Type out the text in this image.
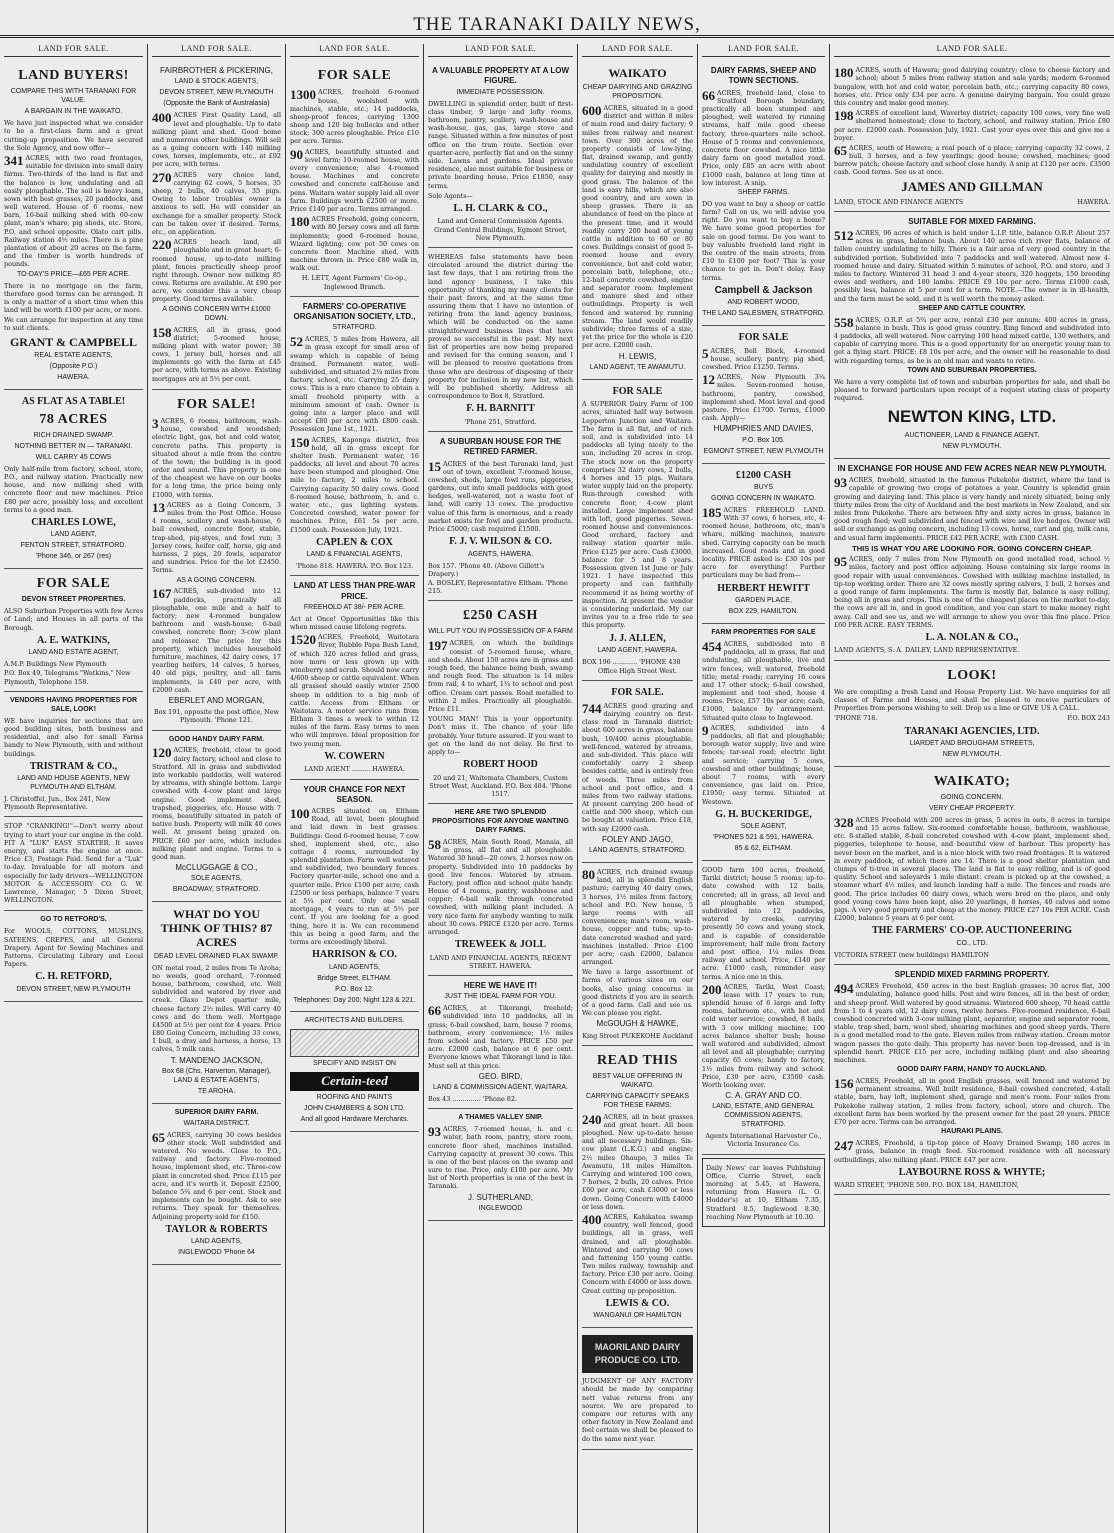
THE TARANAKI DAILY NEWS,
LAND FOR SALE.
LAND BUYERS!
COMPARE THIS WITH TARANAKI FOR VALUE.
A BARGAIN IN THE WAIKATO.
We have just inspected what we consider to be a first-class farm and a great cutting-up proposition. We have secured the Sole Agency, and now offer—
341 ACRES, with two road frontages, suitable for division into small dairy farms. Two-thirds of the land is flat and the balance is low, undulating and all easily ploughable. The soil is heavy loam, sown with best grasses, 20 paddocks, and well watered. House of 6 rooms, new barn, 16-bail milking shed with 60-cow plant, man's whare, pig sheds, etc. Store, P.O. and school opposite. Olato cart pills. Railway station 4½ miles. There is a pine plantation of about 20 acres on the farm, and the timber is worth hundreds of pounds.
TO-DAY'S PRICE—£65 PER ACRE.
There is no mortgage on the farm, therefore good terms can be arranged. It is only a matter of a short time when this land will be worth £100 per acre, or more.
We can arrange for inspection at any time to suit clients.
GRANT & CAMPBELL
REAL ESTATE AGENTS,
(Opposite P.O.)
HAWERA.
AS FLAT AS A TABLE!
78 ACRES
RICH DRAINED SWAMP.
NOTHING BETTER IN — TARANAKI.
WILL CARRY 45 COWS
Only half-mile from factory, school, store, P.O., and railway station. Practically new house, and new milking shed with concrete floor and new machines. Price £80 per acre, possibly less, and excellent terms to a good man.
CHARLES LOWE,
LAND AGENT,
FENTON STREET, STRATFORD.
'Phone 346, or 267 (res)
FOR SALE
DEVON STREET PROPERTIES.
ALSO Suburban Properties with few Acres of Land; and Houses in all parts of the Borough.
A. E. WATKINS,
LAND AND ESTATE AGENT,
A.M.P. Buildings New Plymouth
P.O. Box 49, Telegrams "Watkins," New Plymouth, Telephone 158.
VENDORS HAVING PROPERTIES FOR SALE, LOOK!
WE have inquiries for sections that are good building sites, both business and residential, and also for small Farms handy to New Plymouth, with and without buildings.
TRISTRAM & CO.,
LAND AND HOUSE AGENTS, NEW PLYMOUTH AND ELTHAM.
J. Christoffel, Jun., Box 241, New Plymouth Representative.
STOP "CRANKING!"—Don't worry about trying to start your car engine in the cold. FIT A "LUK" EASY STARTER. It saves energy, and starts the engine at once. Price £3, Postage Paid. Send for a "Luk" to-day. Invaluable for all motors and especially for lady drivers—WELLINGTON MOTOR & ACCESSORY CO. G. W. Lawrence, Manager, 5 Dixon Street, WELLINGTON.
GO TO RETFORD'S.
For WOOLS, COTTONS, MUSLINS, SATEENS, CREPES, and all General Drapery. Agent for Sewing Machines and Patterns. Circulating Library and Local Papers.
C. H. RETFORD,
DEVON STREET, NEW PLYMOUTH
LAND FOR SALE.
FAIRBROTHER & PICKERING,
LAND & STOCK AGENTS,
DEVON STREET, NEW PLYMOUTH
(Opposite the Bank of Australasia)
400 ACRES First Quality Land, all level and ploughable. Up to date milking plant and shed. Good home and numerous other buildings. Will sell as a going concern with 140 milking cows, horses, implements, etc., at £92 per acre, with terms.
270 ACRES very choice land, carrying 62 cows, 5 horses, 35 sheep, 2 bulls, 40 calves, 35 pigs. Owing to labor troubles owner is anxious to sell. He will consider an exchange for a smaller property. Stock can be taken over if desired. Terms, etc., on application.
220 ACRES beach land, all ploughable and in great heart; 6-roomed house, up-to-date milking plant, fences practically sheep proof right through. Owner now milking 85 cows. Returns are available. At £90 per acre, we consider this a very cheap property. Good terms available.
A GOING CONCERN WITH £1000 DOWN.
158 ACRES, all in grass, good district; 5-roomed house, milking plant with water power; 38 cows, 1 jersey bull, horses and all implements go with the farm at £45 per acre, with terms as above. Existing mortgages are at 5½ per cent.
FOR SALE!
3 ACRES, 6 rooms, bathroom, wash-house, cowshed and woodshed; electric light, gas, hot and cold water, concrete paths. This property is situated about a mile from the centre of the town; the building is in good order and sound. This property is one of the cheapest we have on our books for a long time, the price being only £1000, with terms.
13 ACRES as a Going Concern, 3 miles from the Post Office. House 4 rooms, scullery and wash-house, 6 bail cowshed, concrete floor, stable, trap-shed, pig-styes, and fowl run; 3 Jersey cows, heifer calf, horse, gig and harness, 2 pigs, 20 fowls, separator and sundries. Price for the lot £2450. Terms.
AS A GOING CONCERN.
167 ACRES, sub-divided into 12 paddocks, practically all ploughable, one mile and a half to factory; new 4-roomed bungalow bathroom and wash-house; 6-bail cowshed, concrete floor; 3-cow plant and releaser. The price for this property, which includes household furniture, machines, 42 dairy cows, 17 yearling heifers, 14 calves, 5 horses, 40 old pigs, poultry, and all farm implements, is £40 per acre, with £2000 cash.
EBERLET AND MORGAN,
Box 191, opposite the post office, New Plymouth. 'Phone 121.
GOOD HANDY DAIRY FARM.
120 ACRES, freehold, close to good dairy factory, school and close to Stratford. All in grass and subdivided into workable paddocks, well watered by streams, with shingle bottom. Large cowshed with 4-cow plant and large engine. Good implement shed, trapshed, piggeries, etc. House with 7 rooms, beautifully situated in patch of native bush. Property will milk 40 cows well. At present being grazed on. PRICE £60 per acre, which includes milking plant and engine. Terms to a good man.
McCLUGGAGE & CO.,
SOLE AGENTS,
BROADWAY, STRATFORD.
WHAT DO YOU THINK OF THIS? 87 ACRES
DEAD LEVEL DRAINED FLAX SWAMP.
ON metal road, 2 miles from Te Aroha; no weeds, good orchard, 7-roomed house, bathroom, cowshed, etc. Well subdivided and watered by river and creek. Glaxo Depot quarter mile, cheese factory 2½ miles. Will carry 40 cows and do them well. Mortgage £4500 at 5½ per cent for 4 years. Price £80 Going Concern, including 33 cows, 1 bull, a dray and harness, a horse, 13 calves, 5 milk cans.
T. MANDENO JACKSON,
Box 68 (Chs. Harverton, Manager), LAND & ESTATE AGENTS,
TE AROHA.
SUPERIOR DAIRY FARM.
WAITARA DISTRICT.
65 ACRES, carrying 30 cows besides other stock. Well subdivided and watered. No weeds. Close to P.O., railway and factory. Five-roomed house, implement shed, etc. Three-cow plant in concreted shed. Price £115 per acre, and it's worth it. Deposit £2500, balance 5¾ and 6 per cent. Stock and implements can be bought. Ask to see returns. They speak for themselves. Adjoining property sold for £150.
TAYLOR & ROBERTS
LAND AGENTS,
INGLEWOOD 'Phone 64
LAND FOR SALE.
FOR SALE
1300 ACRES, freehold 6-roomed house, woolshed with machines, stable, etc.; 14 paddocks, sheep-proof fences, carrying 1300 sheep and 120 big bullocks and other stock; 300 acres ploughable. Price £10 per acre. Terms.
90 ACRES, beautifully situated and level farm; 10-roomed house, with every convenience; also 4-roomed house. Machines and concrete cowshed and concrete calf-house and pens. Waitara water supply laid all over farm. Buildings worth £2500 or more. Price £140 per acre. Terms arranged.
180 ACRES Freehold, going concern, with 80 Jersey cows and all farm implements; good 6-roomed house, Wizard lighting; cow pot 50 cows on concrete floor. Machine shed, with machine thrown in. Price £80 walk in, walk out.
H. LETT, Agent Farmers' Co-op., Inglewood Branch.
FARMERS' CO-OPERATIVE ORGANISATION SOCIETY, LTD.,
STRATFORD.
52 ACRES, 5 miles from Hawera, all in grass except for small area of swamp which is capable of being drained. Permanent water, well-subdivided, and situated 2¼ miles from factory, school, etc. Carrying 25 dairy cows. This is a rare chance to obtain a small freehold property with a minimum amount of cash. Owner is going into a larger place and will accept £80 per acre with £800 cash. Possession June 1st., 1921.
150 ACRES, Kaponga district, free hold, all in grass except for shelter bush. Permanent water, 16 paddocks, all level and about 70 acres have been stumped and ploughed. One mile to factory, 2 miles to school. Carrying capacity 50 dairy cows. Good 8-roomed house, bathroom, h. and c. water, etc., gas lighting system. Concreted cowshed, water power for machines. Price, £61 5s per acre. £1500 cash. Possession July, 1921.
CAPLEN & COX
LAND & FINANCIAL AGENTS,
'Phone 818. HAWERA. P.O. Box 123.
LAND AT LESS THAN PRE-WAR PRICE.
FREEHOLD AT 38/- PER ACRE.
Act at Once! Opportunities like this when missed cause lifelong regrets.
1520 ACRES, Freehold, Waitotara River, Rubble Papa Bush Land, of which 320 acres felled and grass, now more or less grown up with wineberry and scrub. Should now carry 4/600 sheep or cattle equivalent. When all grassed should easily winter 2500 sheep in addition to a big mob of cattle. Access from Eltham or Waitotara. A motor service runs from Eltham 3 times a week to within 12 miles of the farm. Easy terms to men who will improve. Ideal proposition for two young men.
W. COWERN
LAND AGENT ......... HAWERA.
YOUR CHANCE FOR NEXT SEASON.
100 ACRES situated on Eltham Road, all level, been ploughed and laid down in best grasses. Buildings: Good 6-roomed house, 7 cow shed, implement shed, etc., also cottage 4 rooms, surrounded by splendid plantation. Farm well watered and subdivided, two boundary fences. Factory quarter-mile, school one and a quarter mile. Price £100 per acre, cash £2500 or less perhaps, balance 7 years at 5¼ per cent. Only one small mortgage, 4 years to run at 5½ per cent. If you are looking for a good thing, here it is. We can recommend this as being a good farm, and the terms are exceedingly liberal.
HARRISON & CO.
LAND AGENTS,
Bridge Street, ELTHAM.
P.O. Box 12.
Telephones: Day 200; Night 123 & 221.
ARCHITECTS AND BUILDERS.
SPECIFY AND INSIST ON
Certain-teed
ROOFING AND PAINTS
JOHN CHAMBERS & SON LTD.
And all good Hardware Merchants.
LAND FOR SALE.
A VALUABLE PROPERTY AT A LOW FIGURE.
IMMEDIATE POSSESSION.
DWELLING in splendid order, built of first-class timber, 9 large and lofty rooms, bathroom, pantry, scullery, wash-house and wash-house, gas, gas, large stove and range. Situated within a few minutes of post office on the tram route. Section over quarter-acre, perfectly flat and on the sunny side. Lawns and gardens. Ideal private residence, also most suitable for business or private boarding house. Price £1850, easy terms.
Sole Agents—
L. H. CLARK & CO.,
Land and General Commission Agents. Grand Central Buildings, Egmont Street, New Plymouth.
WHEREAS false statements have been circulated around the district during the last few days, that I am retiring from the land agency business, I take this opportunity of thanking my many clients for their past favors, and at the same time assuring them that I have no intention of retiring from the land agency business, which will be conducted on the same straightforward business lines that have proved so successful in the past. My next list of properties are now being prepared and revised for the coming season, and I will be pleased to receive quotations from those who are desirous of disposing of their property for inclusion in my new list, which will be published shortly. Address all correspondence to Box 8, Stratford.
F. H. BARNITT
'Phone 251, Stratford.
A SUBURBAN HOUSE FOR THE RETIRED FARMER.
15 ACRES of the best Taranaki land, just out of town, excellent 7-roomed house, cowshed, sheds, large fowl runs, piggeries, gardens, out into small paddocks with good hedges, well-watered, not a waste foot of land, will carry 13 cows. The productive value of this farm is enormous, and a ready market exists for fowl and garden products. Price £5000; cash required £1500.
F. J. V. WILSON & CO.
AGENTS, HAWERA.
Box 157. 'Phone 40. (Above Gillett's Drapery.)
A. BOSLEY, Representative Eltham. 'Phone 215.
£250 CASH
WILL PUT YOU IN POSSESSION OF A FARM
197 ACRES, on which the buildings consist of 5-roomed house, whare, and sheds. About 150 acres are in grass and rough feed, the balance being bush, swamp and rough feed. The situation is 14 miles from rail, 4 to wharf, 1¼ to school and post office. Cream cart passes. Road metalled to within 2 miles. Practically all ploughable. Price £11.
YOUNG MAN! This is your opportunity. Don't miss it. The chance of your life probably. Your future assured. If you want to get on the land do not delay. Be first to apply to—
ROBERT HOOD
20 and 21, Waitemata Chambers, Custom Street West, Auckland. P.O. Box 484. 'Phone 1517.
HERE ARE TWO SPLENDID PROPOSITIONS FOR ANYONE WANTING DAIRY FARMS.
58 ACRES, Main South Road, Manaia, all in grass, all flat and all ploughable. Watered 30 head—20 cows, 2 horses now on property. Subdivided into 10 paddocks by good live fences. Watered by stream. Factory, post office and school quite handy. House of 4 rooms, pantry, washhouse and copper; 6-bail walk through concreted cowshed, with milking plant included. A very nice farm for anybody wanting to milk about 30 cows. PRICE £120 per acre. Terms arranged.
TREWEEK & JOLL
LAND AND FINANCIAL AGENTS, REGENT STREET. HAWERA.
HERE WE HAVE IT!
JUST THE IDEAL FARM FOR YOU.
66 ACRES, at Tikorangi, freehold; subdivided into 10 paddocks, all in grass; 6-bail cowshed, barn, house 7 rooms, bathroom, every convenience; 1½ miles from school and factory. PRICE £50 per acre. £2000 cash, balance at 6 per cent. Everyone knows what Tikorangi land is like. Must sell at this price.
GEO. BIRD,
LAND & COMMISSION AGENT, WAITARA.
Box 43 .............. 'Phone 82.
A THAMES VALLEY SNIP.
93 ACRES, 7-roomed house, h. and c. water, bath room, pantry, store room, concrete floor shed, machines installed. Carrying capacity at present 30 cows. This is one of the best places on the swamp and sure to rise. Price, only £100 per acre. My list of North properties is one of the best in Taranaki.
J. SUTHERLAND,
INGLEWOOD
LAND FOR SALE.
WAIKATO
CHEAP DAIRYING AND GRAZING PROPOSITION.
600 ACRES, situated in a good district and within 8 miles of main road and dairy factory; 9 miles from railway and nearest town. Over 300 acres of the property consists of low-lying, flat, drained swamp, and gently undulating country of excellent quality for dairying and mostly in good grass. The balance of the land is easy hills, which are also good country, and are sown in sheep grasses. There is an abundance of feed on the place at the present time, and it would readily carry 200 head of young cattle in addition to 60 or 80 cows. Buildings consist of good 5-roomed house and every convenience, hot and cold water, porcelain bath, telephone, etc.; 12-bail concrete cowshed, engine and separator room. Implement and manure shed and other outbuildings. Property is well fenced and watered by running stream. The land would readily subdivide; three farms of a size, yet the price for the whole is £20 per acre. £2000 cash.
H. LEWIS,
LAND AGENT, TE AWAMUTU.
FOR SALE
A SUPERIOR Dairy Farm of 100 acres, situated half way between Lepperton Junction and Waitara. The farm is all flat, and of rich soil, and is subdivided into 14 paddocks all lying nicely to the sun, including 20 acres in crop. The stock now on the property comprises 32 dairy cows, 2 bulls, 4 horses and 15 pigs. Waitara water supply laid on the property. Run-through cowshed with concrete floor, 4-cow plant installed. Large implement shed with loft, good piggeries. Seven-roomed house and conveniences. Good orchard, factory and railway station quarter mile. Price £125 per acre. Cash £3000, balance for 5 and 8 years. Possession given 1st June or July 1921. I have inspected this property and can faithfully recommend it as being worthy of inspection. At present the vendor is considering underlaid. My car invites you to a free ride to see this property.
J. J. ALLEN,
LAND AGENT, HAWERA.
BOX 196 ............ 'PHONE 438
Office High Street West.
FOR SALE.
744 ACRES good grazing and dairying country on first-class road in Taranaki district; about 600 acres in grass, balance bush, 10/400 acres ploughable, well-fenced, watered by streams, and sub-divided. This place will comfortably carry 2 sheep besides cattle, and is entirely free of weeds. Three miles from school and post office, and 4 miles from two railway stations. At present carrying 200 head of cattle and 500 sheep, which can be bought at valuation. Price £18, with say £2000 cash.
FOLEY AND JAGO,
LAND AGENTS, STRATFORD.
80 ACRES, rich drained swamp land, all in splendid English pasture; carrying 40 dairy cows, 3 horses, 1½ miles from factory, school and P.O. New house, 5 large rooms with all conveniences; man's room, wash-house, copper and tubs; up-to-date concreted washed and yard; machines installed. Price £100 per acre; cash £2000, balance arranged.
We have a large assortment of farms of various sizes on our books, also going concerns in good districts if you are in search of a good farm. Call and see us. We can please you right.
McGOUGH & HAWKE,
King Street PUKEKOHE Auckland
READ THIS
BEST VALUE OFFERING IN WAIKATO.
CARRYING CAPACITY SPEAKS FOR THESE FARMS:
240 ACRES, all in best grasses and great heart. All been ploughed. New up-to-date house and all necessary buildings. Six-cow plant (L.K.G.) and engine; 2½ miles Ohaupo, 3 miles Te Awamutu, 18 miles Hamilton. Carrying and wintered 100 cows, 7 horses, 2 bulls, 20 calves. Price £60 per acre, cash £3000 or less down. Going Concern with £4000 or less down.
400 ACRES, Kahikatea swamp country, well fenced, good buildings, all in grass, well drained, and all ploughable. Wintered and carrying 90 cows and fattening 150 young cattle. Two miles railway, township and factory. Price £30 per acre. Going Concern with £4000 or less down. Great cutting up proposition.
LEWIS & CO.
WANGANUI OR HAMILTON
MAORILAND DAIRY PRODUCE CO. LTD.
JUDGMENT OF ANY FACTORY should be made by comparing nett value returns from any source. We are prepared to compare our returns with any other factory in New Zealand and feel certain we shall be pleased to do the same next year.
LAND FOR SALE.
DAIRY FARMS, SHEEP AND TOWN SECTIONS.
66 ACRES, freehold land, close to Stratford Borough boundary, practically all been stumped and ploughed, well watered by running streams, half mile good cheese factory, three-quarters mile school. House of 5 rooms and conveniences, concrete floor cowshed. A nice little dairy farm on good metalled road. Price, only £85 an acre with about £1000 cash, balance at long time at low interest. A snip.
SHEEP FARMS.
DO you want to buy a sheep or cattle farm? Call on us, we will advise you right. Do you want to buy a home? We have some good properties for sale on good terms. Do you want to buy valuable freehold land right in the centre of the main streets, from £10 to £100 per foot? This is your chance to get in. Don't delay. Easy terms.
Campbell & Jackson
AND ROBERT WOOD,
THE LAND SALESMEN, STRATFORD.
FOR SALE
5 ACRES, Bell Block, 4-roomed house, scullery, pantry, pig shed, cowshed. Price £1250. Terms.
12 ACRES, New Plymouth 3¼ miles. Seven-roomed house, bathroom, pantry, cowshed, implement shed. Most level and good pasture. Price £1700. Terms, £1000 cash. Apply—
HUMPHRIES AND DAVIES,
P.O. Box 105.
EGMONT STREET, NEW PLYMOUTH
£1200 CASH
BUYS
GOING CONCERN IN WAIKATO.
185 ACRES FREEHOLD LAND. With 37 cows, 6 horses, etc, 4-roomed house, bathroom, etc, man's whare, milking machines, manure shed. Carrying capacity can be much increased. Good roads and in good locality. PRICE asked is: £30 10s per acre for everything! Further particulars may be had from—
HERBERT HEWITT
GARDEN PLACE,
BOX 229, HAMILTON.
FARM PROPERTIES FOR SALE
454 ACRES, subdivided into 8 paddocks, all in grass, flat and undulating, all ploughable, live and wire fences, well watered, freehold title; metal roads; carrying 16 cows and 17 other stock; 6-bail cowshed, implement and tool shed, house 4 rooms. Price, £57 10s per acre; cash, £1000, balance by arrangement. Situated quite close to Inglewood.
9 ACRES, subdivided into 4 paddocks, all flat and ploughable; borough water supply; live and wire fences; tar-seal road; electric light and service; carrying 5 cows, cowshed and other buildings; house, about 7 rooms, with every convenience, gas laid on. Price, £1950; easy terms. Situated at Westown.
G. H. BUCKERIDGE,
SOLE AGENT,
'PHONES 521 & 591, HAWERA.
85 & 62, ELTHAM.
GOOD farm 100 acres, freehold, Tariki district; house 5 rooms; up-to-date cowshed with 12 bails, concreted; all in grass, all level and all ploughable when stumped, subdivided into 12 paddocks, watered by creeks, carrying presently 50 cows and young stock, and is capable of considerable improvement; half mile from factory and post office, 1¼ miles from railway and school. Price, £140 per acre. £1000 cash, reminder easy terms. A nice one in this.
200 ACRES, Tariki, West Coast; lease with 17 years to run; splendid house of 6 large and lofty rooms, bathroom etc., with hot and cold water service; cowshed, 8 bails, with 3 cow milking machine; 100 acres balance shelter bush; house well watered and subdivided, almost all level and all ploughable; carrying capacity 65 cows; handy to factory, 1½ miles from railway and school. Price, £30 per acre, £3500 cash. Worth looking over.
C. A. GRAY AND CO.
LAND, ESTATE, AND GENERAL COMMISSION AGENTS, STRATFORD.
Agents International Harvester Co., Victoria Insurance Co.
Daily News' car leaves Publishing Office, Currie Street, each morning at 5.45, at Hawera, returning from Hawera (L. O. Hodder's) at 10, Eltham 7.35, Stratford 8.5, Inglewood 8.30, reaching New Plymouth at 10.30.
LAND FOR SALE.
180 ACRES, south of Hawera; good dairying country; close to cheese factory and school; about 5 miles from railway station and sale yards; modern 6-roomed bungalow, with hot and cold water, porcelain bath, etc.; carrying capacity 80 cows, horses, etc. Price only £34 per acre. A genuine dairying bargain. You could graze this country and make good money.
198 ACRES of excellent land, Waverley district; capacity 100 cows, very fine well sheltered homestead; close to factory, school, and railway station. Price £80 per acre. £2000 cash. Possession July, 1921. Cast your eyes over this and give me a buyer.
65 ACRES, south of Hawera; a real peach of a place; carrying capacity 32 cows, 2 bull, 3 horses, and a few yearlings; good house; cowshed, machines; good barrow patch; cheese factory and school close handy. A snip at £120 per acre. £3500 cash. Good terms. See us at once.
JAMES AND GILLMAN
LAND, STOCK AND FINANCE AGENTS	HAWERA.
SUITABLE FOR MIXED FARMING.
512 ACRES, 96 acres of which is held under L.I.P. title, balance O.R.P. About 257 acres in grass, balance bush. About 140 acres rich river flats, balance of fallen country undulating to hilly. There is a fair area of very good country in the subdivided portion. Subdivided into 7 paddocks and well watered. Almost new 4-roomed house and dairy. Situated within 5 minutes of school, P.O. and store, and 3 miles to factory. Wintered 31 head 3 and 4-year steers, 320 hoggets, 150 breeding ewes and wethers, and 180 lambs. PRICE £9 10s per acre. Terms £1000 cash, possibly less, balance at 5 per cent for a term. NOTE.—The owner is in ill-health, and the farm must be sold, and it is well worth the money asked.
SHEEP AND CATTLE COUNTRY.
558 ACRES, O.R.P. at 5¾ per acre, rental £30 per annum; 400 acres in grass, balance in bush. This is good grass country. Ring fenced and subdivided into 4 paddocks, all well watered. Now carrying 100 head mixed cattle, 130 wethers, and capable of carrying more. This is a good opportunity for an energetic young man to get a flying start. PRICE: £8 10s per acre, and the owner will be reasonable to deal with regarding terms, as he is an old man and wants to retire.
TOWN AND SUBURBAN PROPERTIES.
We have a very complete list of town and suburban properties for sale, and shall be pleased to forward particulars upon receipt of a request stating class of property required.
NEWTON KING, LTD.
AUCTIONEER, LAND & FINANCE AGENT,
NEW PLYMOUTH.
IN EXCHANGE FOR HOUSE AND FEW ACRES NEAR NEW PLYMOUTH.
93 ACRES, freehold, situated in the famous Pukekohe district, where the land is capable of growing two crops of potatoes a year. Country is splendid grain growing and dairying land. This place is very handy and nicely situated, being only thirty miles from the city of Auckland and the best markets in New Zealand, and six miles from Pukekohe. There are between fifty and sixty acres in grass, balance in good rough feed; well subdivided and fenced with wire and live hedges. Owner will sell or exchange as going concern, including 13 cows, horse, cart and gig, milk cans, and usual farm implements. PRICE £42 PER ACRE, with £300 CASH.
THIS IS WHAT YOU ARE LOOKING FOR. GOING CONCERN CHEAP.
95 ACRES, only 7 miles from New Plymouth on good metalled road, school ½ miles, factory and post office adjoining. House containing six large rooms in good repair with usual conveniences. Cowshed with milking machine installed, in tip-top working order. There are 32 cows mostly spring calvers, 1 bull, 2 horses and a good range of farm implements. The farm is mostly flat, balance is easy rolling, being all in grass and crops. This is one of the cheapest places on the market to-day, the cows are all in, and in good condition, and you can start to make money right away. Call and see us, and we will arrange to show you over this fine place. Price £60 PER ACRE. EASY TERMS.
L. A. NOLAN & CO.,
LAND AGENTS, S. A. DAILEY, LAND REPRESENTATIVE.
LOOK!
We are compiling a fresh Land and House Property List. We have enquiries for all classes of Farms and Houses, and shall be pleased to receive particulars of Properties from persons wishing to sell. Drop us a line or GIVE US A CALL.
'PHONE 718.	P.O. BOX 243
TARANAKI AGENCIES, LTD.
LIARDET AND BROUGHAM STREETS,
NEW PLYMOUTH.
WAIKATO;
GOING CONCERN.
VERY CHEAP PROPERTY.
328 ACRES Freehold with 200 acres in grass, 5 acres in oats, 8 acres in turnips and 15 acres fallow. Six-roomed comfortable house, bathroom, washhouse, etc. 8-stalled stable, 8-bail concreted cowshed with 4-cow plant, implement shed, piggeries, telephone to house, and beautiful view of harbour. This property has never been on the market, and is a nice block with two road frontages. It is watered in every paddock, of which there are 14. There is a good shelter plantation and clumps of ti-tree in several places. The land is flat to easy rolling, and is of good quality. School and saleyards 1 mile distant: cream is picked up at the cowshed, a steamer wharf 4½ miles, and launch landing half a mile. The fences and roads are good. The price includes 60 dairy cows, which were bred on the place, and only good young cows have been kept, also 20 yearlings, 8 horses, 40 calves and some pigs. A very good property and cheap at the money. PRICE £27 10s PER ACRE. Cash £2000, balance 5 years at 6 per cent.
THE FARMERS' CO-OP. AUCTIONEERING
CO., LTD.
VICTORIA STREET (new buildings) HAMILTON
SPLENDID MIXED FARMING PROPERTY.
494 ACRES Freehold, 450 acres in the best English grasses; 30 acres flat, 300 undulating, balance good hills. Post and wire fences, all in the best of order, and sheep proof. Well watered by good streams. Wintered 600 sheep, 70 head cattle from 1 to 4 years old, 12 dairy cows, twelve horses. Five-roomed residence, 6-bail cowshed concreted with 3-cow milking plant, separator, engine and separator room, stable, trap shed, barn, wool shed, shearing machines and good sheep yards. There is a good metalled road to the gate. Eleven miles from railway station. Cream motor wagon passes the gate daily. This property has never been top-dressed, and is in splendid heart. PRICE £15 per acre, including milking plant and also shearing machines.
GOOD DAIRY FARM, HANDY TO AUCKLAND.
156 ACRES, Freehold, all in good English grasses, well fenced and watered by permanent streams. Well built residence, 8-bail cowshed concreted, 4-stall stable, barn, hay loft, implement shed, garage and men's room. Four miles from Pukekohe railway station, 2 miles from factory, school, store and church. The excellent farm has been worked by the present owner for the past 20 years. PRICE £70 per acre. Terms can be arranged.
HAURAKI PLAINS.
247 ACRES, Freehold, a tip-top piece of Heavy Drained Swamp; 180 acres in grass, balance in rough feed. Six-roomed residence with all necessary outbuildings, also milking plant. PRICE £47 per acre.
LAYBOURNE ROSS & WHYTE;
WARD STREET, 'PHONE 589. P.O. BOX 184, HAMILTON,
